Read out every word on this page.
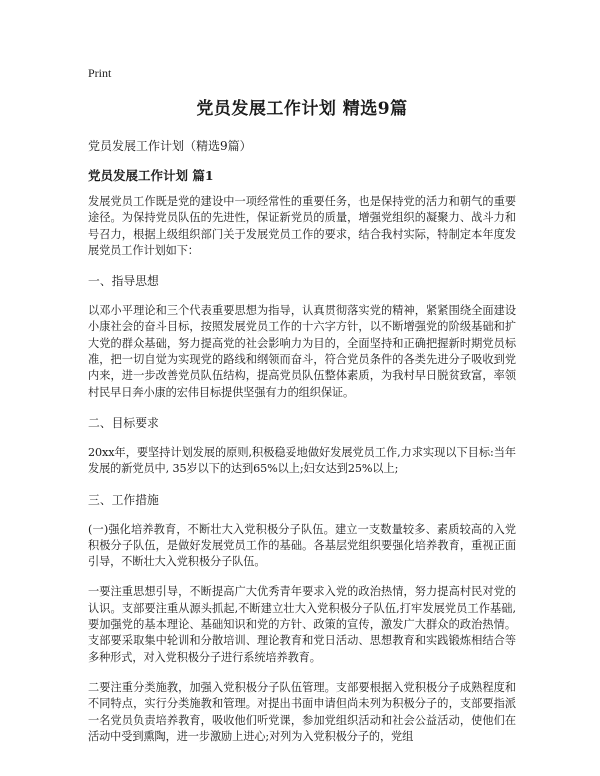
Print
党员发展工作计划 精选9篇
党员发展工作计划（精选9篇）
党员发展工作计划 篇1

发展党员工作既是党的建设中一项经常性的重要任务，也是保持党的活力和朝气的重要途径。为保持党员队伍的先进性，保证新党员的质量，增强党组织的凝聚力、战斗力和号召力，根据上级组织部门关于发展党员工作的要求，结合我村实际，特制定本年度发展党员工作计划如下：

一、指导思想

以邓小平理论和三个代表重要思想为指导，认真贯彻落实党的精神，紧紧围绕全面建设小康社会的奋斗目标，按照发展党员工作的十六字方针，以不断增强党的阶级基础和扩大党的群众基础，努力提高党的社会影响力为目的，全面坚持和正确把握新时期党员标准，把一切自觉为实现党的路线和纲领而奋斗，符合党员条件的各类先进分子吸收到党内来，进一步改善党员队伍结构，提高党员队伍整体素质，为我村早日脱贫致富，率领村民早日奔小康的宏伟目标提供坚强有力的组织保证。

二、目标要求

20xx年，要坚持计划发展的原则,积极稳妥地做好发展党员工作,力求实现以下目标:当年发展的新党员中, 35岁以下的达到65%以上;妇女达到25%以上;

三、工作措施

(一)强化培养教育，不断壮大入党积极分子队伍。建立一支数量较多、素质较高的入党积极分子队伍，是做好发展党员工作的基础。各基层党组织要强化培养教育，重视正面引导，不断壮大入党积极分子队伍。

一要注重思想引导，不断提高广大优秀青年要求入党的政治热情，努力提高村民对党的认识。支部要注重从源头抓起,不断建立壮大入党积极分子队伍,打牢发展党员工作基础,要加强党的基本理论、基础知识和党的方针、政策的宣传，激发广大群众的政治热情。支部要采取集中轮训和分散培训、理论教育和党日活动、思想教育和实践锻炼相结合等多种形式，对入党积极分子进行系统培养教育。

二要注重分类施教，加强入党积极分子队伍管理。支部要根据入党积极分子成熟程度和不同特点，实行分类施教和管理。对提出书面申请但尚未列为积极分子的，支部要指派一名党员负责培养教育，吸收他们听党课，参加党组织活动和社会公益活动，使他们在活动中受到熏陶，进一步激励上进心;对列为入党积极分子的，党组
